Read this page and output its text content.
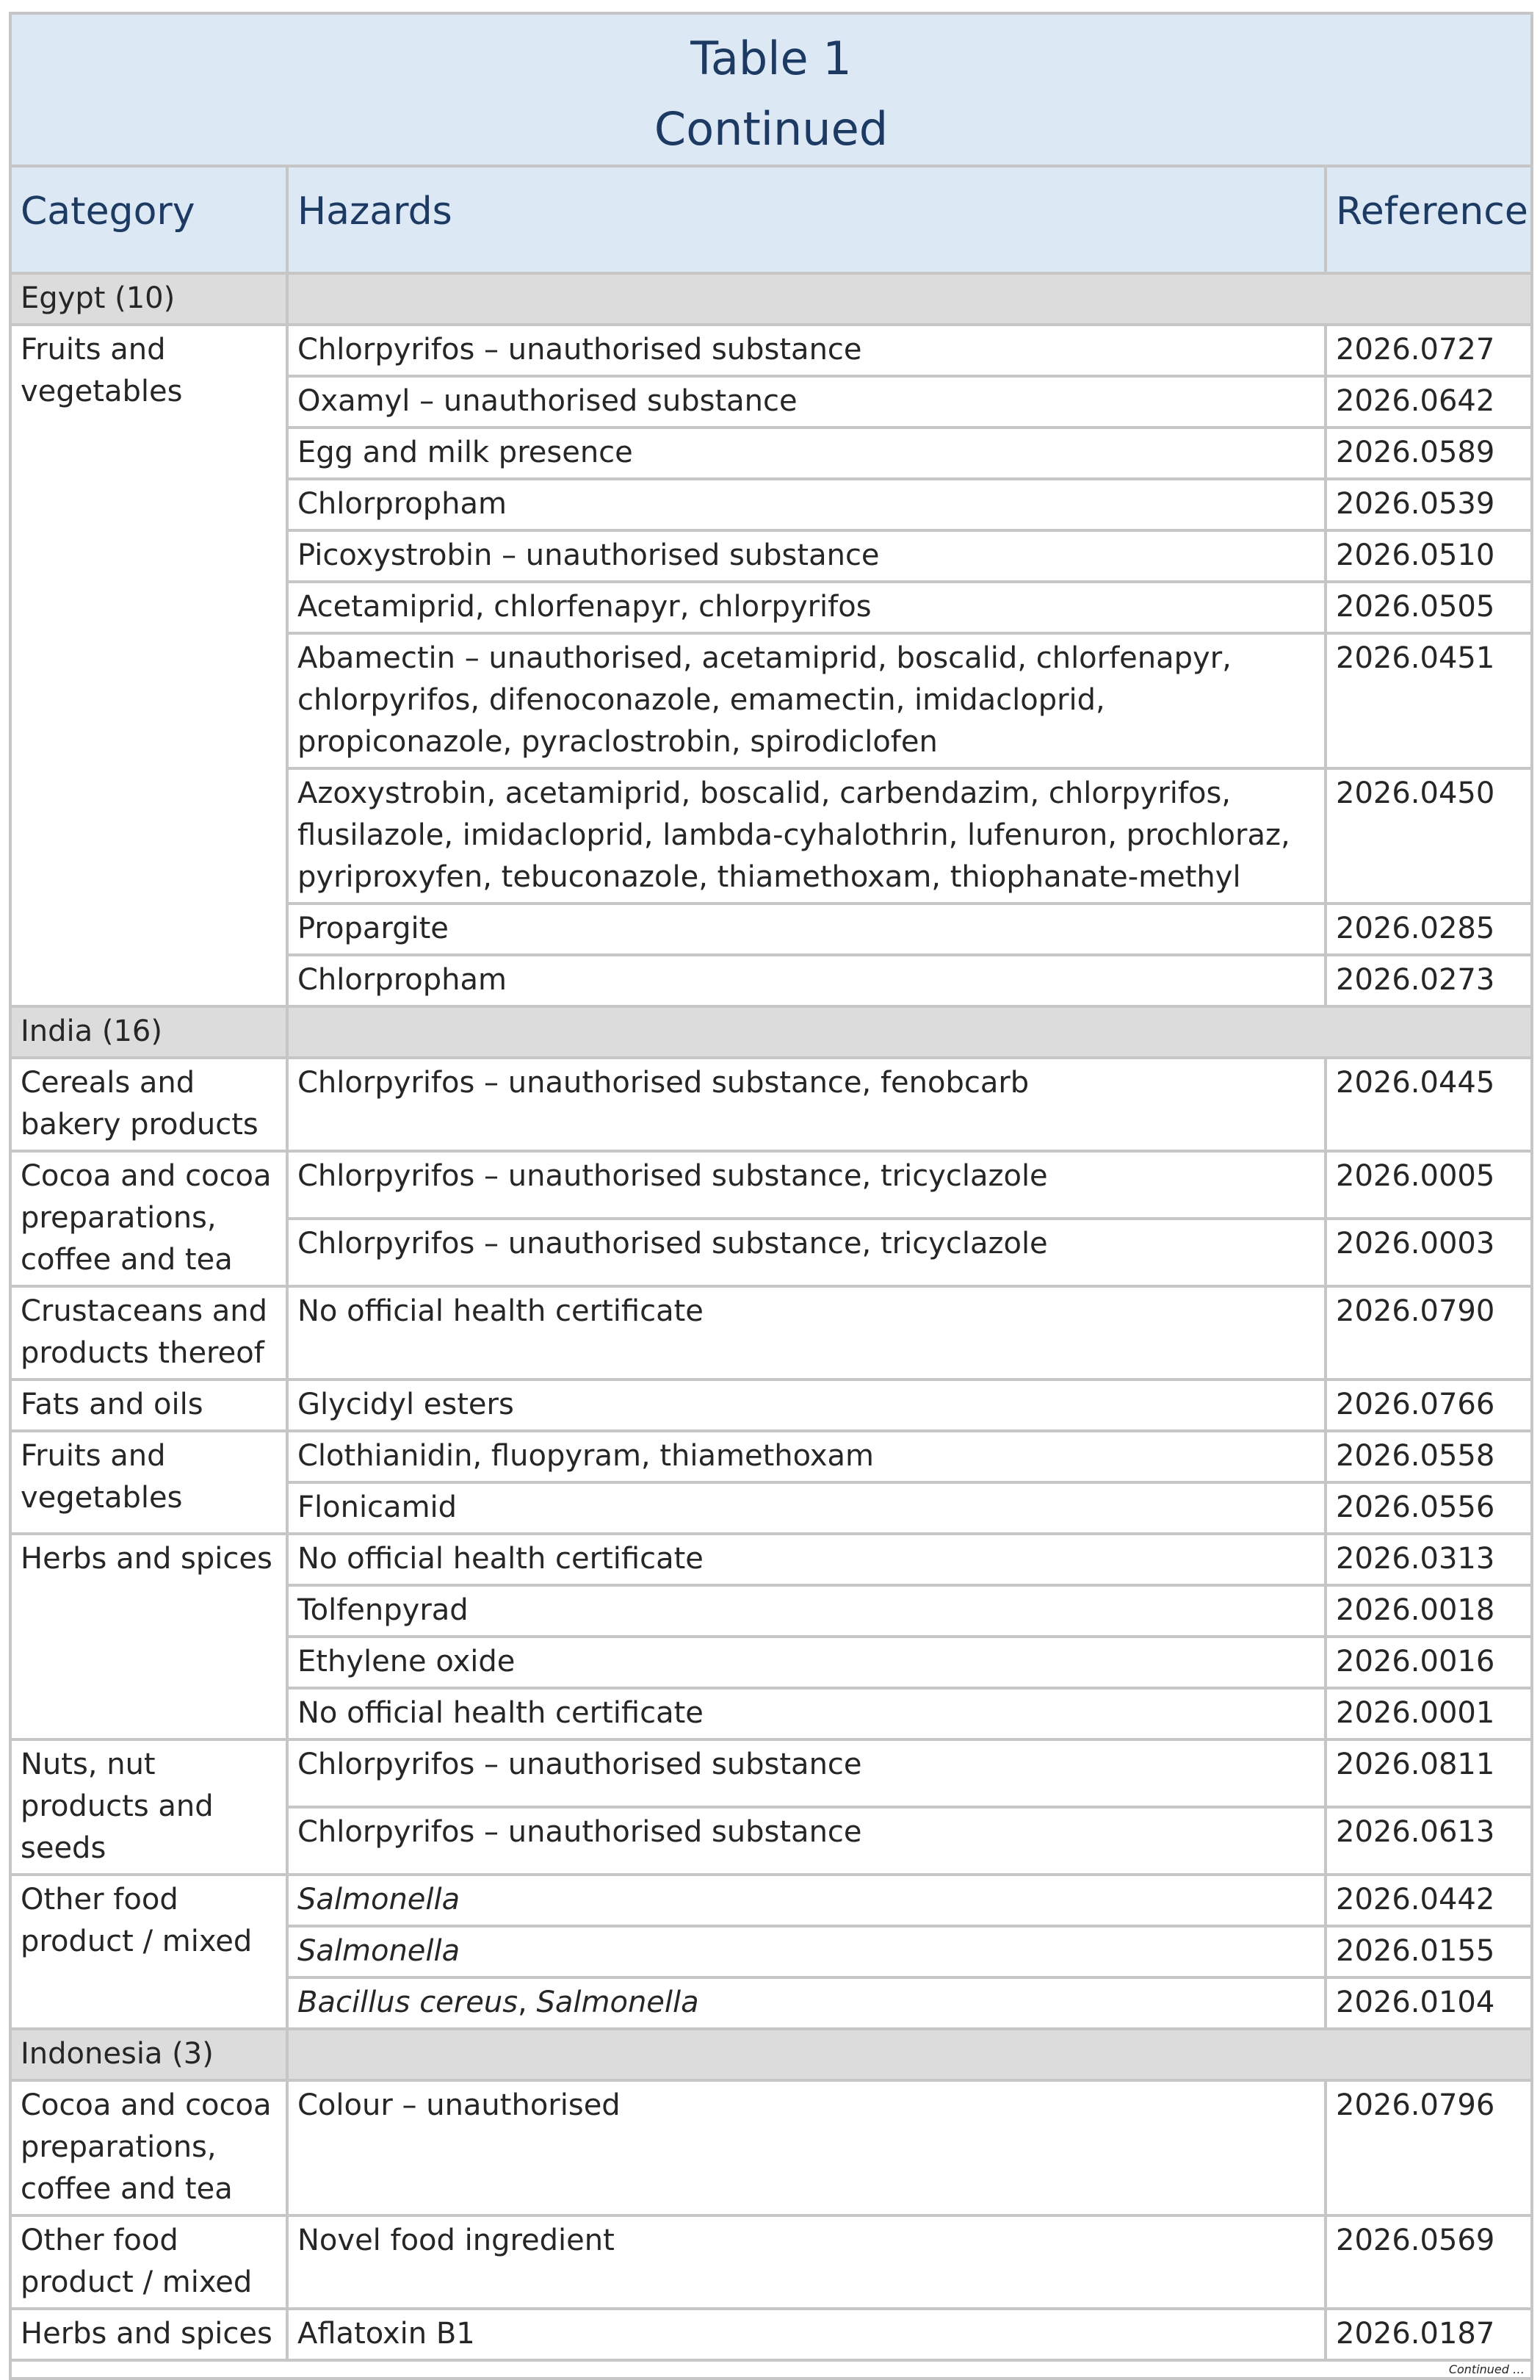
Table 1
Continued		

Category	Hazards	Reference
Egypt (10)		
Fruits and vegetables	Chlorpyrifos – unauthorised substance	2026.0727
	Oxamyl – unauthorised substance	2026.0642
	Egg and milk presence	2026.0589
	Chlorpropham	2026.0539
	Picoxystrobin – unauthorised substance	2026.0510
	Acetamiprid, chlorfenapyr, chlorpyrifos	2026.0505
	Abamectin – unauthorised, acetamiprid, boscalid, chlorfenapyr, chlorpyrifos, difenoconazole, emamectin, imidacloprid, propiconazole, pyraclostrobin, spirodiclofen	2026.0451
	Azoxystrobin, acetamiprid, boscalid, carbendazim, chlorpyrifos, flusilazole, imidacloprid, lambda-cyhalothrin, lufenuron, prochloraz, pyriproxyfen, tebuconazole, thiamethoxam, thiophanate-methyl	2026.0450
	Propargite	2026.0285
	Chlorpropham	2026.0273
India (16)		
Cereals and bakery products	Chlorpyrifos – unauthorised substance, fenobcarb	2026.0445
Cocoa and cocoa preparations, coffee and tea	Chlorpyrifos – unauthorised substance, tricyclazole	2026.0005
	Chlorpyrifos – unauthorised substance, tricyclazole	2026.0003
Crustaceans and products thereof	No official health certificate	2026.0790
Fats and oils	Glycidyl esters	2026.0766
Fruits and vegetables	Clothianidin, fluopyram, thiamethoxam	2026.0558
	Flonicamid	2026.0556
Herbs and spices	No official health certificate	2026.0313
	Tolfenpyrad	2026.0018
	Ethylene oxide	2026.0016
	No official health certificate	2026.0001
Nuts, nut products and seeds	Chlorpyrifos – unauthorised substance	2026.0811
	Chlorpyrifos – unauthorised substance	2026.0613
Other food product / mixed	Salmonella	2026.0442
	Salmonella	2026.0155
	Bacillus cereus, Salmonella	2026.0104
Indonesia (3)		
Cocoa and cocoa preparations, coffee and tea	Colour – unauthorised	2026.0796
Other food product / mixed	Novel food ingredient	2026.0569
Herbs and spices	Aflatoxin B1	2026.0187
Continued …		
